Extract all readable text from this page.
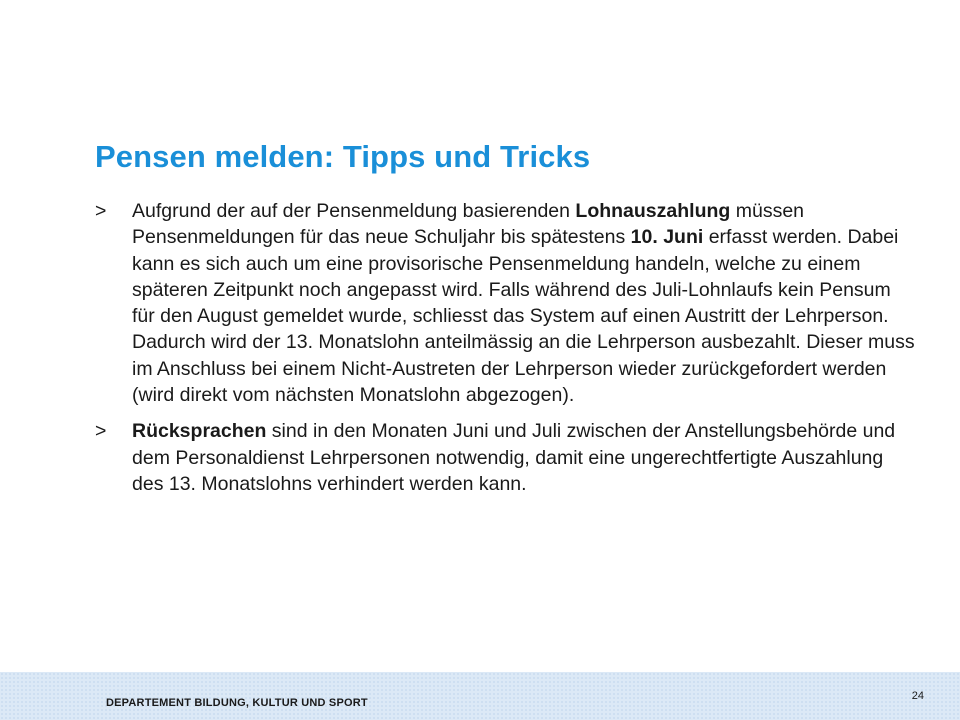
Pensen melden: Tipps und Tricks
>	Aufgrund der auf der Pensenmeldung basierenden Lohnauszahlung müssen Pensenmeldungen für das neue Schuljahr bis spätestens 10. Juni erfasst werden. Dabei kann es sich auch um eine provisorische Pensenmeldung handeln, welche zu einem späteren Zeitpunkt noch angepasst wird. Falls während des Juli-Lohnlaufs kein Pensum für den August gemeldet wurde, schliesst das System auf einen Austritt der Lehrperson. Dadurch wird der 13. Monatslohn anteilmässig an die Lehrperson ausbezahlt. Dieser muss im Anschluss bei einem Nicht-Austreten der Lehrperson wieder zurückgefordert werden (wird direkt vom nächsten Monatslohn abgezogen).
>	Rücksprachen sind in den Monaten Juni und Juli zwischen der Anstellungsbehörde und dem Personaldienst Lehrpersonen notwendig, damit eine ungerechtfertigte Auszahlung des 13. Monatslohns verhindert werden kann.
DEPARTEMENT BILDUNG, KULTUR UND SPORT
24
